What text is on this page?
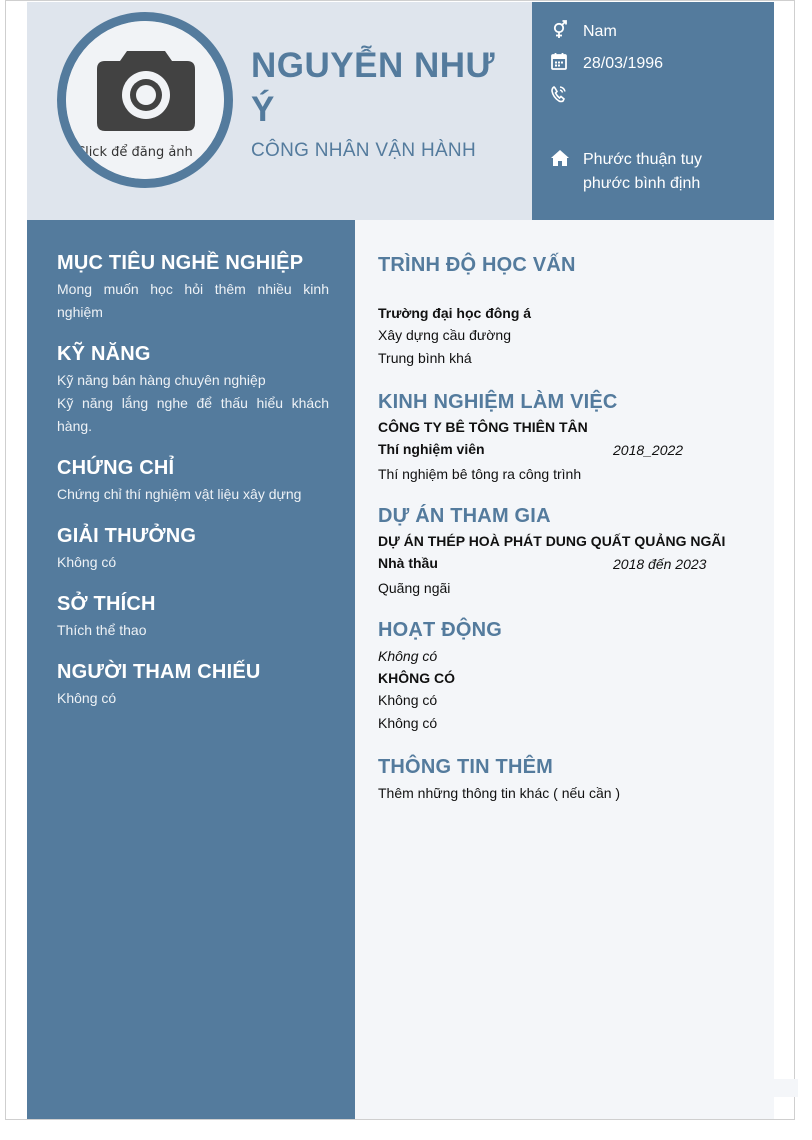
Click để đăng ảnh
NGUYỄN NHƯ Ý
CÔNG NHÂN VẬN HÀNH
Nam
28/03/1996
Phước thuận tuy phước bình định
MỤC TIÊU NGHỀ NGHIỆP
Mong muốn học hỏi thêm nhiều kinh nghiệm
KỸ NĂNG
Kỹ năng bán hàng chuyên nghiệp
Kỹ năng lắng nghe để thấu hiểu khách hàng.
CHỨNG CHỈ
Chứng chỉ thí nghiệm vật liệu xây dựng
GIẢI THƯỞNG
Không có
SỞ THÍCH
Thích thể thao
NGƯỜI THAM CHIẾU
Không có
TRÌNH ĐỘ HỌC VẤN
Trường đại học đông á
Xây dựng cầu đường
Trung bình khá
KINH NGHIỆM LÀM VIỆC
CÔNG TY BÊ TÔNG THIÊN TÂN
Thí nghiệm viên	2018_2022
Thí nghiệm bê tông ra công trình
DỰ ÁN THAM GIA
DỰ ÁN THÉP HOÀ PHÁT DUNG QUẤT QUẢNG NGÃI
Nhà thầu	2018 đến 2023
Quãng ngãi
HOẠT ĐỘNG
Không có
KHÔNG CÓ
Không có
Không có
THÔNG TIN THÊM
Thêm những thông tin khác ( nếu cần )
